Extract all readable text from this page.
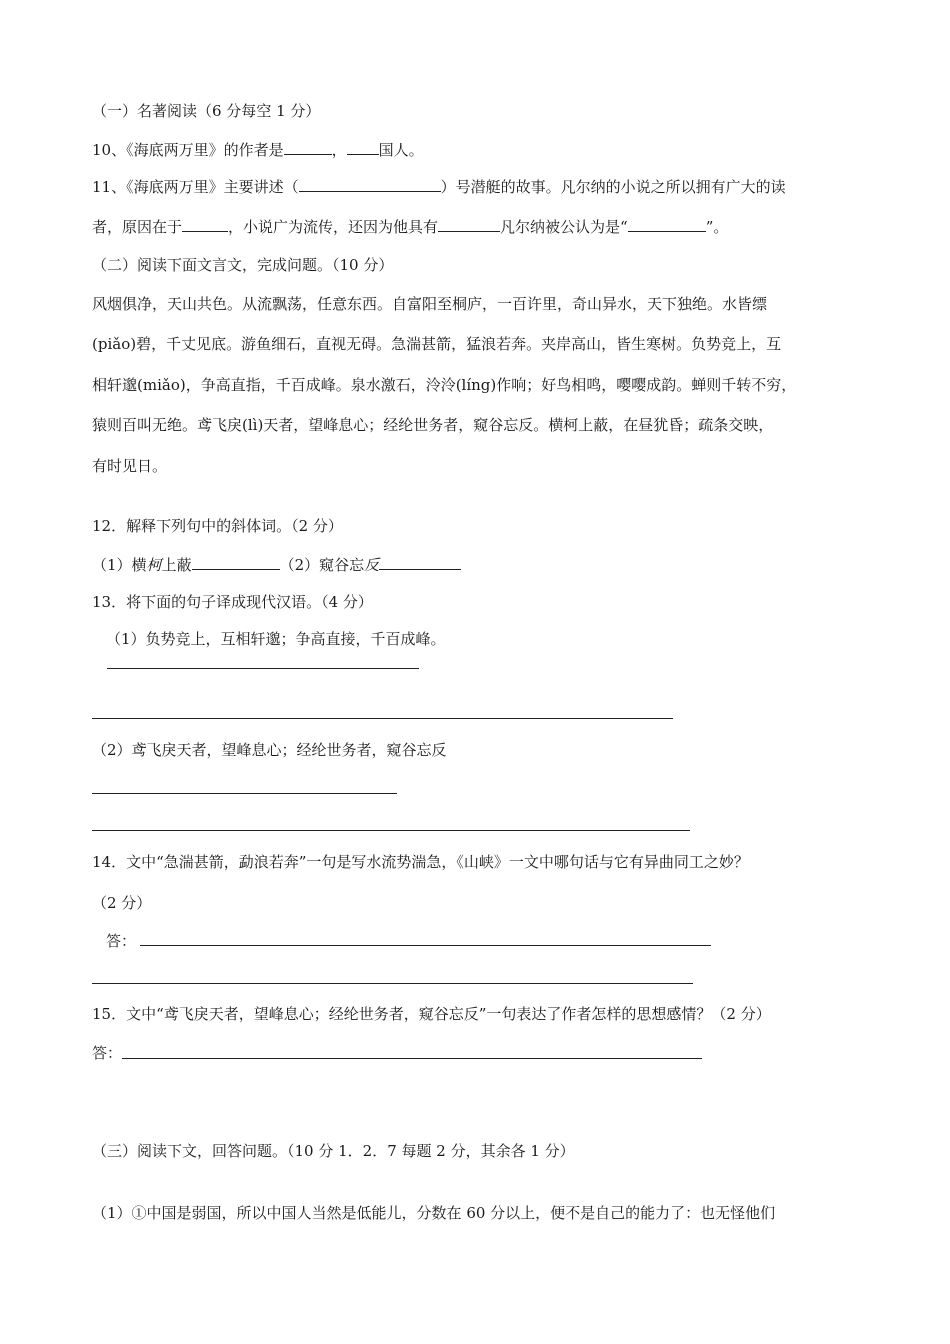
（一）名著阅读（6 分每空 1 分）
10、《海底两万里》的作者是	， 国人。
11、《海底两万里》主要讲述（	）号潜艇的故事。凡尔纳的小说之所以拥有广大的读
者，原因在于	，小说广为流传，还因为他具有	凡尔纳被公认为是“	”。
（二）阅读下面文言文，完成问题。（10 分）
风烟俱净，天山共色。从流飘荡，任意东西。自富阳至桐庐，一百许里，奇山异水，天下独绝。水皆缥
(piǎo)碧，千丈见底。游鱼细石，直视无碍。急湍甚箭，猛浪若奔。夹岸高山，皆生寒树。负势竞上，互
相轩邈(miǎo)，争高直指，千百成峰。泉水激石，泠泠(líng)作响；好鸟相鸣，嘤嘤成韵。蝉则千转不穷，
猿则百叫无绝。鸢飞戾(lì)天者，望峰息心；经纶世务者，窥谷忘反。横柯上蔽，在昼犹昏；疏条交映，
有时见日。
12．解释下列句中的斜体词。（2 分）
（1）横柯上蔽	（2）窥谷忘反
13．将下面的句子译成现代汉语。（4 分）
（1）负势竞上，互相轩邈；争高直接，千百成峰。
（2）鸢飞戾天者，望峰息心；经纶世务者，窥谷忘反
14．文中“急湍甚箭，勐浪若奔”一句是写水流势湍急，《山峡》一文中哪句话与它有异曲同工之妙？
（2 分）
答：
15．文中“鸢飞戾天者，望峰息心；经纶世务者，窥谷忘反”一句表达了作者怎样的思想感情？（2 分）
答：
（三）阅读下文，回答问题。（10 分 1．2．7 每题 2 分，其余各 1 分）
（1）①中国是弱国，所以中国人当然是低能儿，分数在 60 分以上，便不是自己的能力了：也无怪他们
